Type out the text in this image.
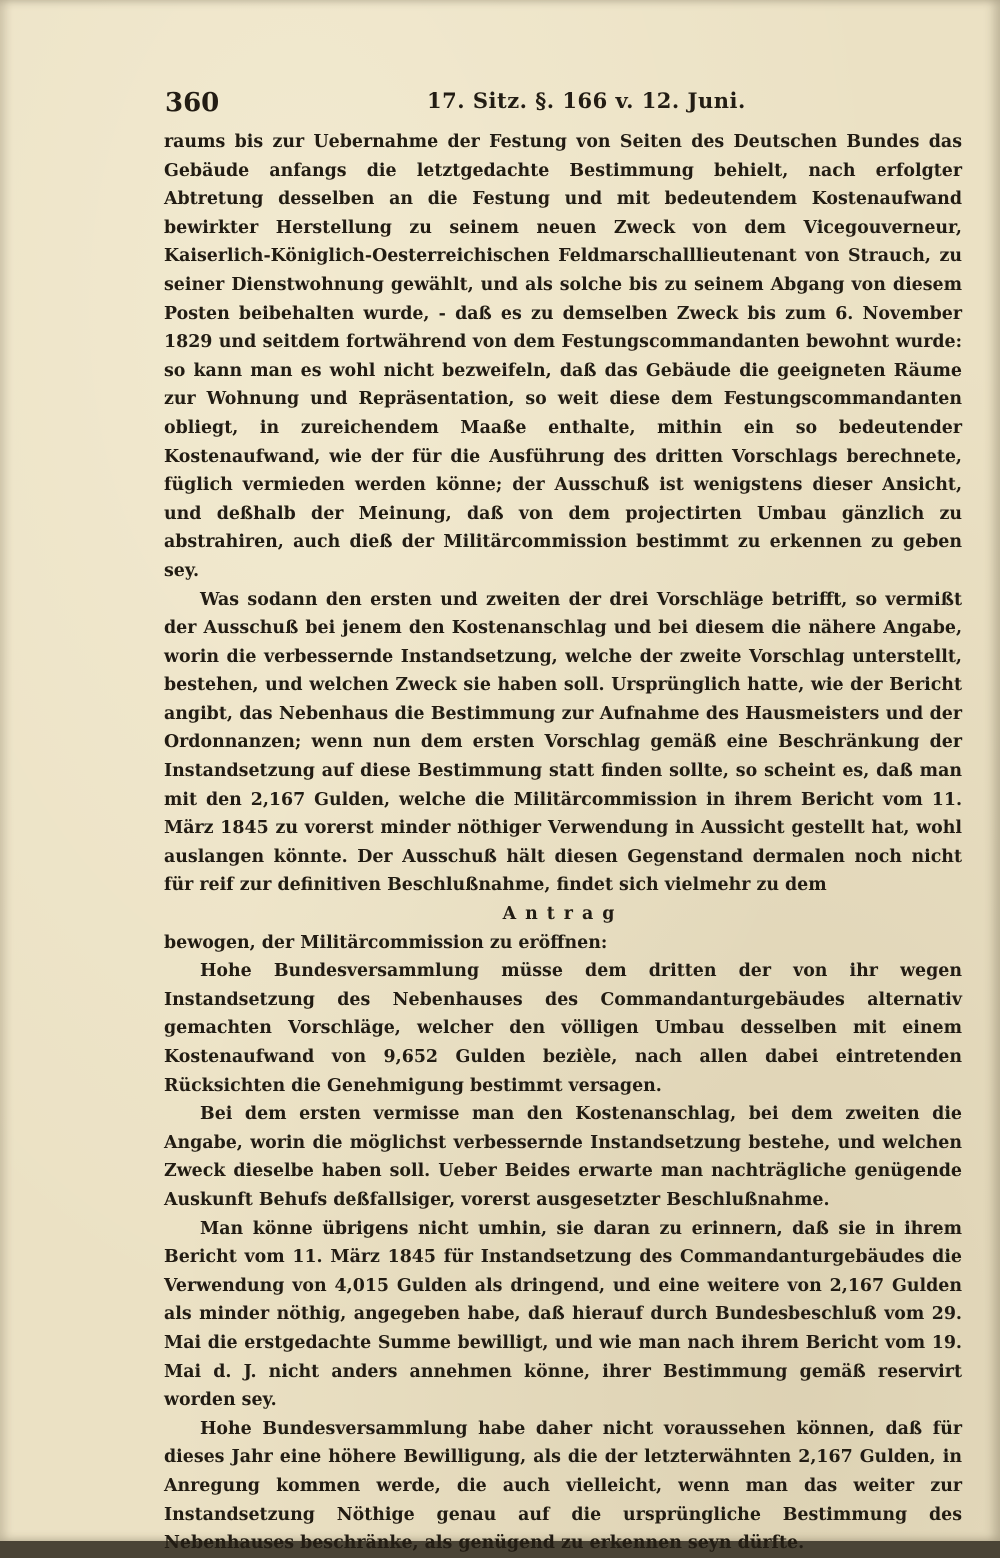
360	17. Sitz. §. 166 v. 12. Juni.

raums bis zur Uebernahme der Festung von Seiten des Deutschen Bundes das Gebäude anfangs die letztgedachte Bestimmung behielt, nach erfolgter Abtretung desselben an die Festung und mit bedeutendem Kostenaufwand bewirkter Herstellung zu seinem neuen Zweck von dem Vicegouverneur, Kaiserlich-Königlich-Oesterreichischen Feldmarschalllieutenant von Strauch, zu seiner Dienstwohnung gewählt, und als solche bis zu seinem Abgang von diesem Posten beibehalten wurde, - daß es zu demselben Zweck bis zum 6. November 1829 und seitdem fortwährend von dem Festungscommandanten bewohnt wurde: so kann man es wohl nicht bezweifeln, daß das Gebäude die geeigneten Räume zur Wohnung und Repräsentation, so weit diese dem Festungscommandanten obliegt, in zureichendem Maaße enthalte, mithin ein so bedeutender Kostenaufwand, wie der für die Ausführung des dritten Vorschlags berechnete, füglich vermieden werden könne; der Ausschuß ist wenigstens dieser Ansicht, und deßhalb der Meinung, daß von dem projectirten Umbau gänzlich zu abstrahiren, auch dieß der Militärcommission bestimmt zu erkennen zu geben sey.

Was sodann den ersten und zweiten der drei Vorschläge betrifft, so vermißt der Ausschuß bei jenem den Kostenanschlag und bei diesem die nähere Angabe, worin die verbessernde Instandsetzung, welche der zweite Vorschlag unterstellt, bestehen, und welchen Zweck sie haben soll. Ursprünglich hatte, wie der Bericht angibt, das Nebenhaus die Bestimmung zur Aufnahme des Hausmeisters und der Ordonnanzen; wenn nun dem ersten Vorschlag gemäß eine Beschränkung der Instandsetzung auf diese Bestimmung statt finden sollte, so scheint es, daß man mit den 2,167 Gulden, welche die Militärcommission in ihrem Bericht vom 11. März 1845 zu vorerst minder nöthiger Verwendung in Aussicht gestellt hat, wohl auslangen könnte. Der Ausschuß hält diesen Gegenstand dermalen noch nicht für reif zur definitiven Beschlußnahme, findet sich vielmehr zu dem

Antrag

bewogen, der Militärcommission zu eröffnen:

Hohe Bundesversammlung müsse dem dritten der von ihr wegen Instandsetzung des Nebenhauses des Commandanturgebäudes alternativ gemachten Vorschläge, welcher den völligen Umbau desselben mit einem Kostenaufwand von 9,652 Gulden bezièle, nach allen dabei eintretenden Rücksichten die Genehmigung bestimmt versagen.

Bei dem ersten vermisse man den Kostenanschlag, bei dem zweiten die Angabe, worin die möglichst verbessernde Instandsetzung bestehe, und welchen Zweck dieselbe haben soll. Ueber Beides erwarte man nachträgliche genügende Auskunft Behufs deßfallsiger, vorerst ausgesetzter Beschlußnahme.

Man könne übrigens nicht umhin, sie daran zu erinnern, daß sie in ihrem Bericht vom 11. März 1845 für Instandsetzung des Commandanturgebäudes die Verwendung von 4,015 Gulden als dringend, und eine weitere von 2,167 Gulden als minder nöthig, angegeben habe, daß hierauf durch Bundesbeschluß vom 29. Mai die erstgedachte Summe bewilligt, und wie man nach ihrem Bericht vom 19. Mai d. J. nicht anders annehmen könne, ihrer Bestimmung gemäß reservirt worden sey.

Hohe Bundesversammlung habe daher nicht voraussehen können, daß für dieses Jahr eine höhere Bewilligung, als die der letzterwähnten 2,167 Gulden, in Anregung kommen werde, die auch vielleicht, wenn man das weiter zur Instandsetzung Nöthige genau auf die ursprüngliche Bestimmung des Nebenhauses beschränke, als genügend zu erkennen seyn dürfte.
